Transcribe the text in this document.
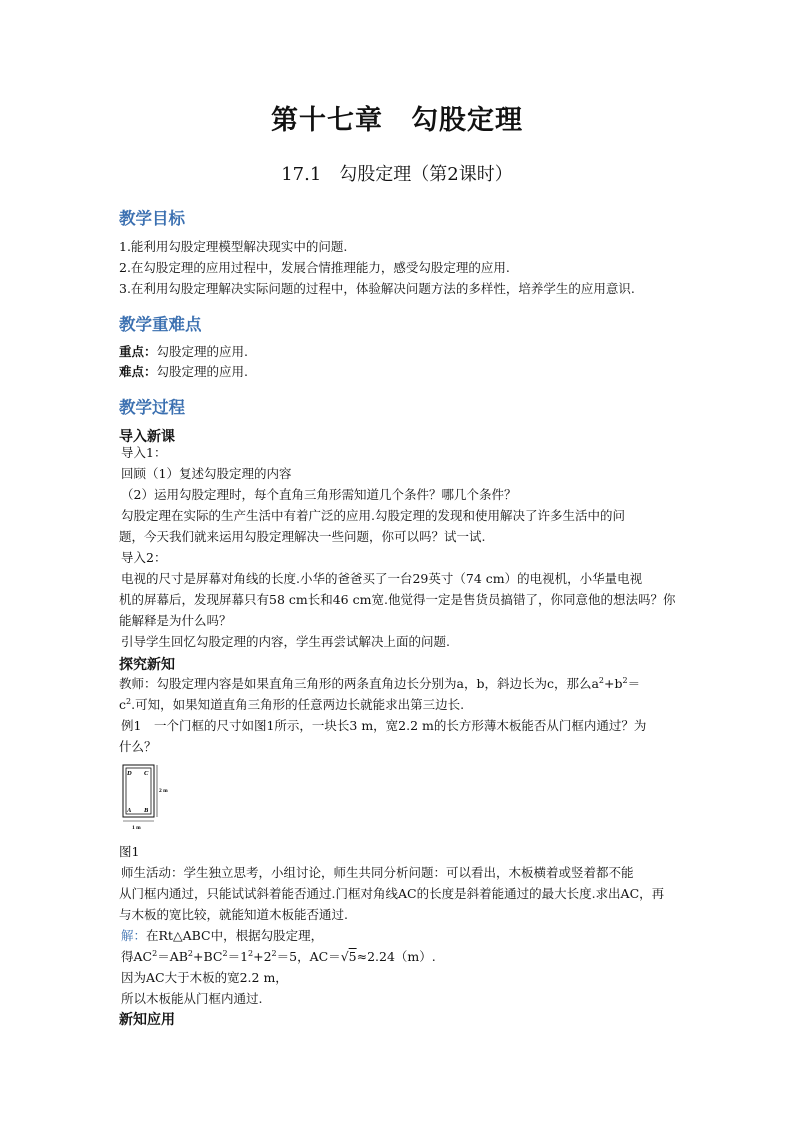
第十七章　勾股定理
17.1　勾股定理（第2课时）
教学目标
1.能利用勾股定理模型解决现实中的问题.
2.在勾股定理的应用过程中，发展合情推理能力，感受勾股定理的应用.
3.在利用勾股定理解决实际问题的过程中，体验解决问题方法的多样性，培养学生的应用意识.
教学重难点
重点：勾股定理的应用.
难点：勾股定理的应用.
教学过程
导入新课
导入1：
回顾（1）复述勾股定理的内容
（2）运用勾股定理时，每个直角三角形需知道几个条件？哪几个条件？
勾股定理在实际的生产生活中有着广泛的应用.勾股定理的发现和使用解决了许多生活中的问
题，今天我们就来运用勾股定理解决一些问题，你可以吗？试一试.
导入2：
电视的尺寸是屏幕对角线的长度.小华的爸爸买了一台29英寸（74 cm）的电视机，小华量电视
机的屏幕后，发现屏幕只有58 cm长和46 cm宽.他觉得一定是售货员搞错了，你同意他的想法吗？你
能解释是为什么吗？
引导学生回忆勾股定理的内容，学生再尝试解决上面的问题.
探究新知
教师：勾股定理内容是如果直角三角形的两条直角边长分别为a，b，斜边长为c，那么$a^2+b^2=$
$c^2$.可知，如果知道直角三角形的任意两边长就能求出第三边长.
例1　一个门框的尺寸如图1所示，一块长3 m，宽2.2 m的长方形薄木板能否从门框内通过？为
什么？
D C
A B
2 m
1 m
图1
师生活动：学生独立思考，小组讨论，师生共同分析问题：可以看出，木板横着或竖着都不能
从门框内通过，只能试试斜着能否通过.门框对角线AC的长度是斜着能通过的最大长度.求出AC，再
与木板的宽比较，就能知道木板能否通过.
解：在Rt△ABC中，根据勾股定理，
得$AC^2=AB^2+BC^2=1^2+2^2=5$，AC＝√5≈2.24（m）.
因为AC大于木板的宽2.2 m，
所以木板能从门框内通过.
新知应用
